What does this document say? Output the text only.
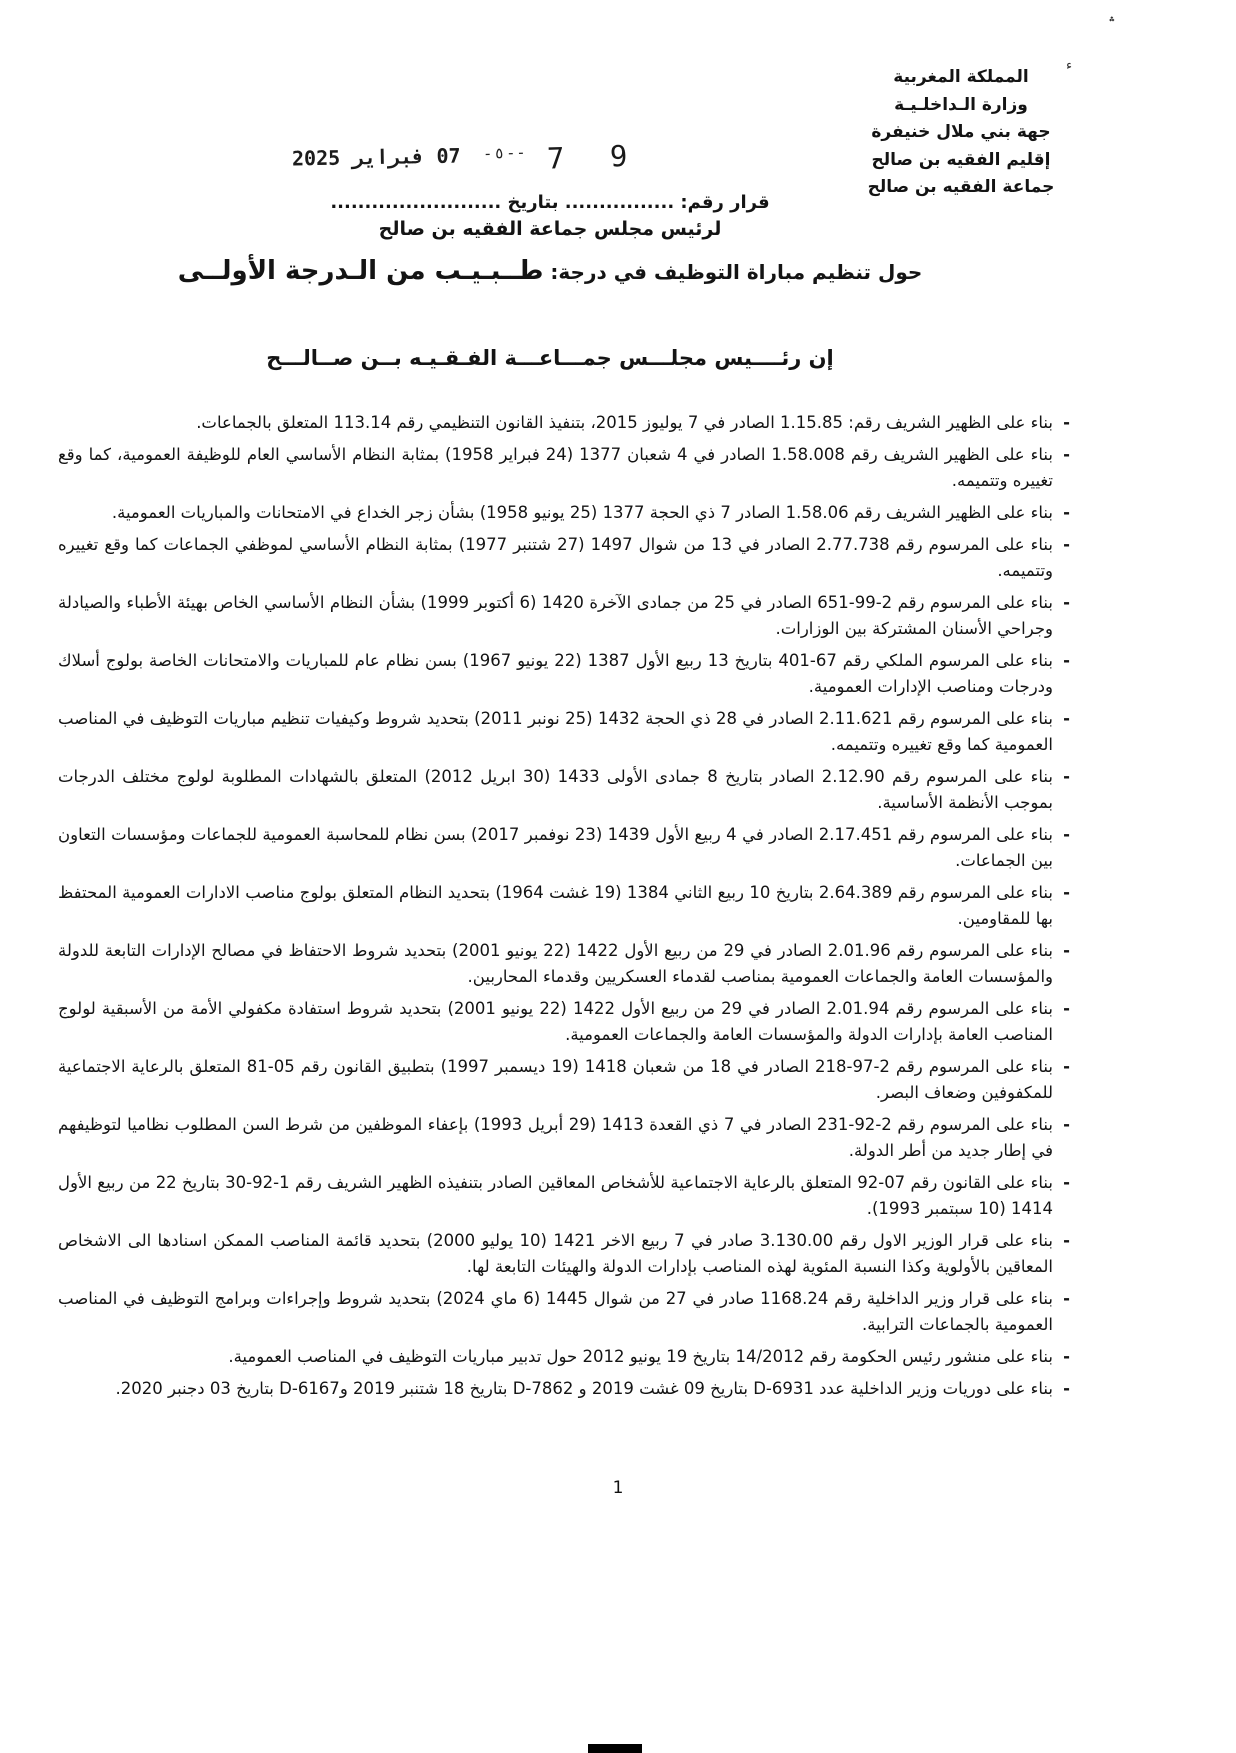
؞
ء
المملكة المغربية
وزارة الـداخلـيـة
جهة بني ملال خنيفرة
إقليم الفقيه بن صالح
جماعة الفقيه بن صالح
07 فبراير 2025 - ٥ - - 7 9
قرار رقم: ................ بتاريخ .........................
لرئيس مجلس جماعة الفقيه بن صالح
حول تنظيم مباراة التوظيف في درجة: طــبـيـب من الـدرجة الأولــى
إن رئــــيس مجلـــس جمـــاعـــة الفـقـيـه بــن صــالـــح
-
بناء على الظهير الشريف رقم: 1.15.85 الصادر في 7 يوليوز 2015، بتنفيذ القانون التنظيمي رقم 113.14 المتعلق بالجماعات.
-
بناء على الظهير الشريف رقم 1.58.008 الصادر في 4 شعبان 1377 (24 فبراير 1958) بمثابة النظام الأساسي العام للوظيفة العمومية، كما وقع تغييره وتتميمه.
-
بناء على الظهير الشريف رقم 1.58.06 الصادر 7 ذي الحجة 1377 (25 يونيو 1958) بشأن زجر الخداع في الامتحانات والمباريات العمومية.
-
بناء على المرسوم رقم 2.77.738 الصادر في 13 من شوال 1497 (27 شتنبر 1977) بمثابة النظام الأساسي لموظفي الجماعات كما وقع تغييره وتتميمه.
-
بناء على المرسوم رقم 2-99-651 الصادر في 25 من جمادى الآخرة 1420 (6 أكتوبر 1999) بشأن النظام الأساسي الخاص بهيئة الأطباء والصيادلة وجراحي الأسنان المشتركة بين الوزارات.
-
بناء على المرسوم الملكي رقم 67-401 بتاريخ 13 ربيع الأول 1387 (22 يونيو 1967) بسن نظام عام للمباريات والامتحانات الخاصة بولوج أسلاك ودرجات ومناصب الإدارات العمومية.
-
بناء على المرسوم رقم 2.11.621 الصادر في 28 ذي الحجة 1432 (25 نونبر 2011) بتحديد شروط وكيفيات تنظيم مباريات التوظيف في المناصب العمومية كما وقع تغييره وتتميمه.
-
بناء على المرسوم رقم 2.12.90 الصادر بتاريخ 8 جمادى الأولى 1433 (30 ابريل 2012) المتعلق بالشهادات المطلوبة لولوج مختلف الدرجات بموجب الأنظمة الأساسية.
-
بناء على المرسوم رقم 2.17.451 الصادر في 4 ربيع الأول 1439 (23 نوفمبر 2017) بسن نظام للمحاسبة العمومية للجماعات ومؤسسات التعاون بين الجماعات.
-
بناء على المرسوم رقم 2.64.389 بتاريخ 10 ربيع الثاني 1384 (19 غشت 1964) بتحديد النظام المتعلق بولوج مناصب الادارات العمومية المحتفظ بها للمقاومين.
-
بناء على المرسوم رقم 2.01.96 الصادر في 29 من ربيع الأول 1422 (22 يونيو 2001) بتحديد شروط الاحتفاظ في مصالح الإدارات التابعة للدولة والمؤسسات العامة والجماعات العمومية بمناصب لقدماء العسكريين وقدماء المحاربين.
-
بناء على المرسوم رقم 2.01.94 الصادر في 29 من ربيع الأول 1422 (22 يونيو 2001) بتحديد شروط استفادة مكفولي الأمة من الأسبقية لولوج المناصب العامة بإدارات الدولة والمؤسسات العامة والجماعات العمومية.
-
بناء على المرسوم رقم 2-97-218 الصادر في 18 من شعبان 1418 (19 ديسمبر 1997) بتطبيق القانون رقم 05-81 المتعلق بالرعاية الاجتماعية للمكفوفين وضعاف البصر.
-
بناء على المرسوم رقم 2-92-231 الصادر في 7 ذي القعدة 1413 (29 أبريل 1993) بإعفاء الموظفين من شرط السن المطلوب نظاميا لتوظيفهم في إطار جديد من أطر الدولة.
-
بناء على القانون رقم 07-92 المتعلق بالرعاية الاجتماعية للأشخاص المعاقين الصادر بتنفيذه الظهير الشريف رقم 1-92-30 بتاريخ 22 من ربيع الأول 1414 (10 سبتمبر 1993).
-
بناء على قرار الوزير الاول رقم 3.130.00 صادر في 7 ربيع الاخر 1421 (10 يوليو 2000) بتحديد قائمة المناصب الممكن اسنادها الى الاشخاص المعاقين بالأولوية وكذا النسبة المئوية لهذه المناصب بإدارات الدولة والهيئات التابعة لها.
-
بناء على قرار وزير الداخلية رقم 1168.24 صادر في 27 من شوال 1445 (6 ماي 2024) بتحديد شروط وإجراءات وبرامج التوظيف في المناصب العمومية بالجماعات الترابية.
-
بناء على منشور رئيس الحكومة رقم 14/2012 بتاريخ 19 يونيو 2012 حول تدبير مباريات التوظيف في المناصب العمومية.
-
بناء على دوريات وزير الداخلية عدد D-6931 بتاريخ 09 غشت 2019 و D-7862 بتاريخ 18 شتنبر 2019 وD-6167 بتاريخ 03 دجنبر 2020.
1
